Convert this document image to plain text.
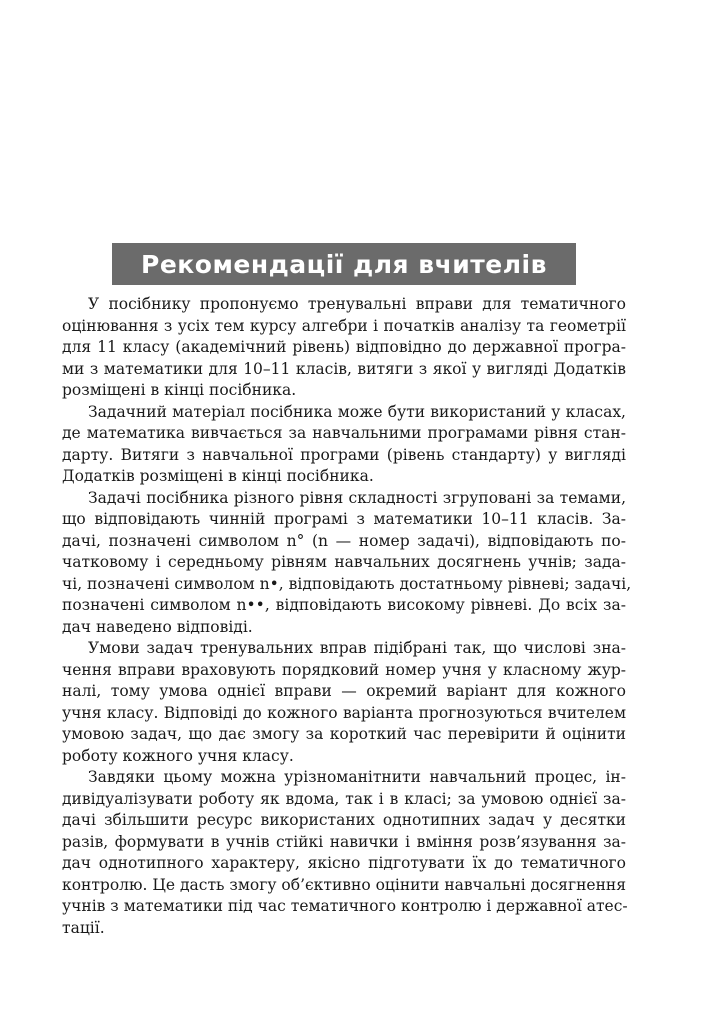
Рекомендації для вчителів
У посібнику пропонуємо тренувальні вправи для тематичного
оцінювання з усіх тем курсу алгебри і початків аналізу та геометрії
для 11 класу (академічний рівень) відповідно до державної програ-
ми з математики для 10–11 класів, витяги з якої у вигляді Додатків
розміщені в кінці посібника.
Задачний матеріал посібника може бути використаний у класах,
де математика вивчається за навчальними програмами рівня стан-
дарту. Витяги з навчальної програми (рівень стандарту) у вигляді
Додатків розміщені в кінці посібника.
Задачі посібника різного рівня складності згруповані за темами,
що відповідають чинній програмі з математики 10–11 класів. За-
дачі, позначені символом n° (n — номер задачі), відповідають по-
чатковому і середньому рівням навчальних досягнень учнів; зада-
чі, позначені символом n•, відповідають достатньому рівневі; задачі,
позначені символом n••, відповідають високому рівневі. До всіх за-
дач наведено відповіді.
Умови задач тренувальних вправ підібрані так, що числові зна-
чення вправи враховують порядковий номер учня у класному жур-
налі, тому умова однієї вправи — окремий варіант для кожного
учня класу. Відповіді до кожного варіанта прогнозуються вчителем
умовою задач, що дає змогу за короткий час перевірити й оцінити
роботу кожного учня класу.
Завдяки цьому можна урізноманітнити навчальний процес, ін-
дивідуалізувати роботу як вдома, так і в класі; за умовою однієї за-
дачі збільшити ресурс використаних однотипних задач у десятки
разів, формувати в учнів стійкі навички і вміння розв’язування за-
дач однотипного характеру, якісно підготувати їх до тематичного
контролю. Це дасть змогу об’єктивно оцінити навчальні досягнення
учнів з математики під час тематичного контролю і державної атес-
тації.
